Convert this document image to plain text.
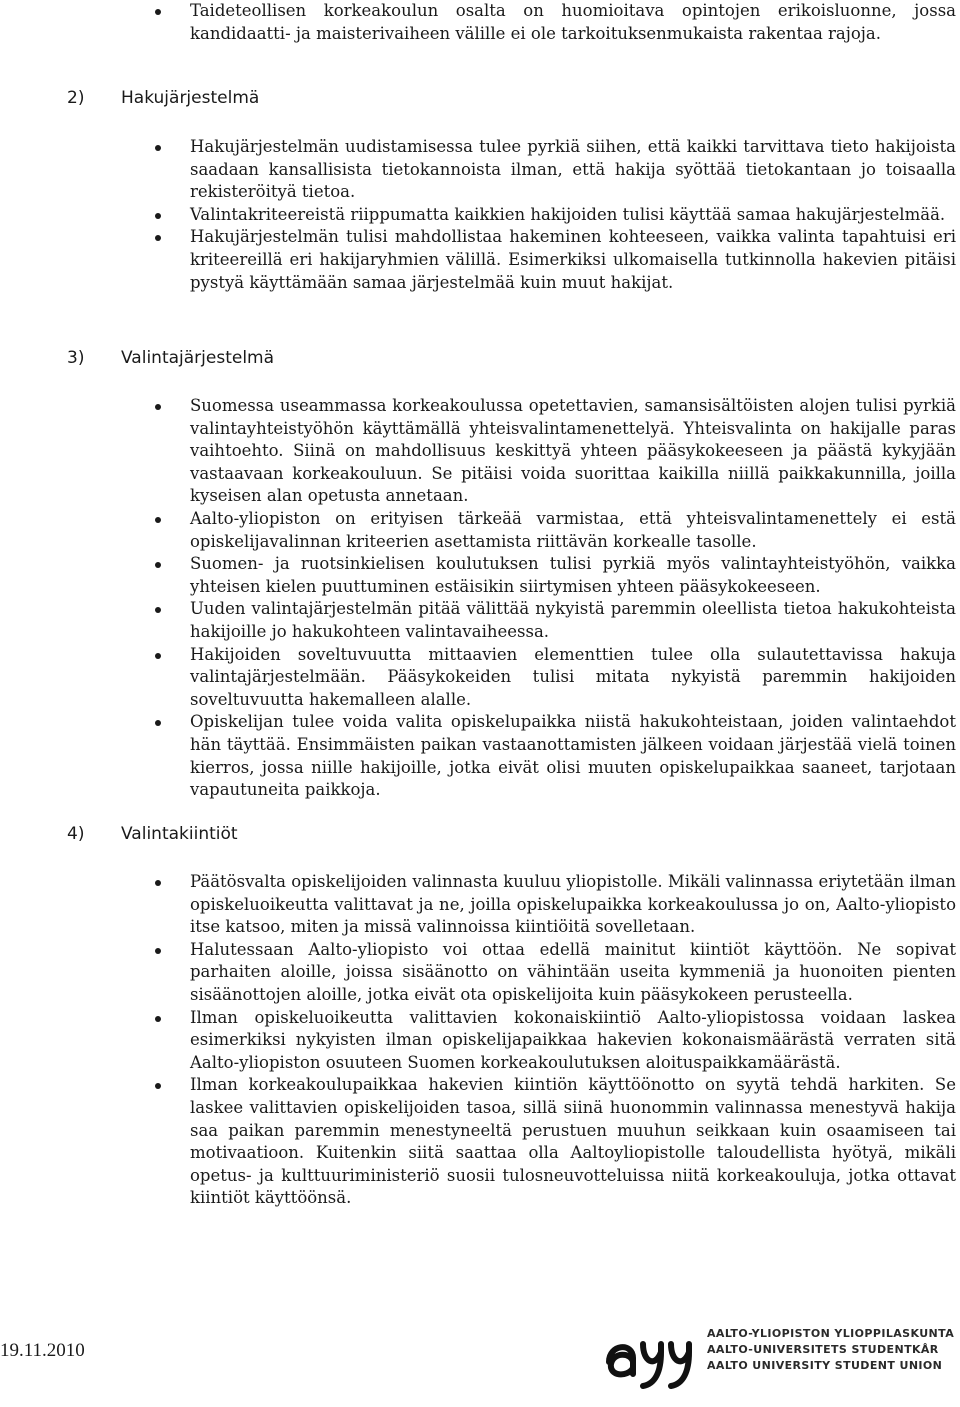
Taideteollisen korkeakoulun osalta on huomioitava opintojen erikoisluonne, jossa kandidaatti- ja maisterivaiheen välille ei ole tarkoituksenmukaista rakentaa rajoja.
2) Hakujärjestelmä
Hakujärjestelmän uudistamisessa tulee pyrkiä siihen, että kaikki tarvittava tieto hakijoista saadaan kansallisista tietokannoista ilman, että hakija syöttää tietokantaan jo toisaalla rekisteröityä tietoa.
Valintakriteereistä riippumatta kaikkien hakijoiden tulisi käyttää samaa hakujärjestelmää.
Hakujärjestelmän tulisi mahdollistaa hakeminen kohteeseen, vaikka valinta tapahtuisi eri kriteereillä eri hakijaryhmien välillä. Esimerkiksi ulkomaisella tutkinnolla hakevien pitäisi pystyä käyttämään samaa järjestelmää kuin muut hakijat.
3) Valintajärjestelmä
Suomessa useammassa korkeakoulussa opetettavien, samansisältöisten alojen tulisi pyrkiä valintayhteistyöhön käyttämällä yhteisvalintamenettelyä. Yhteisvalinta on hakijalle paras vaihtoehto. Siinä on mahdollisuus keskittyä yhteen pääsykokeeseen ja päästä kykyjään vastaavaan korkeakouluun. Se pitäisi voida suorittaa kaikilla niillä paikkakunnilla, joilla kyseisen alan opetusta annetaan.
Aalto-yliopiston on erityisen tärkeää varmistaa, että yhteisvalintamenettely ei estä opiskelijavalinnan kriteerien asettamista riittävän korkealle tasolle.
Suomen- ja ruotsinkielisen koulutuksen tulisi pyrkiä myös valintayhteistyöhön, vaikka yhteisen kielen puuttuminen estäisikin siirtymisen yhteen pääsykokeeseen.
Uuden valintajärjestelmän pitää välittää nykyistä paremmin oleellista tietoa hakukohteista hakijoille jo hakukohteen valintavaiheessa.
Hakijoiden soveltuvuutta mittaavien elementtien tulee olla sulautettavissa hakuja valintajärjestelmään. Pääsykokeiden tulisi mitata nykyistä paremmin hakijoiden soveltuvuutta hakemalleen alalle.
Opiskelijan tulee voida valita opiskelupaikka niistä hakukohteistaan, joiden valintaehdot hän täyttää. Ensimmäisten paikan vastaanottamisten jälkeen voidaan järjestää vielä toinen kierros, jossa niille hakijoille, jotka eivät olisi muuten opiskelupaikkaa saaneet, tarjotaan vapautuneita paikkoja.
4) Valintakiintiöt
Päätösvalta opiskelijoiden valinnasta kuuluu yliopistolle. Mikäli valinnassa eriytetään ilman opiskeluoikeutta valittavat ja ne, joilla opiskelupaikka korkeakoulussa jo on, Aalto-yliopisto itse katsoo, miten ja missä valinnoissa kiintiöitä sovelletaan.
Halutessaan Aalto-yliopisto voi ottaa edellä mainitut kiintiöt käyttöön. Ne sopivat parhaiten aloille, joissa sisäänotto on vähintään useita kymmeniä ja huonoiten pienten sisäänottojen aloille, jotka eivät ota opiskelijoita kuin pääsykokeen perusteella.
Ilman opiskeluoikeutta valittavien kokonaiskiintiö Aalto-yliopistossa voidaan laskea esimerkiksi nykyisten ilman opiskelijapaikkaa hakevien kokonaismäärästä verraten sitä Aalto-yliopiston osuuteen Suomen korkeakoulutuksen aloituspaikkamäärästä.
Ilman korkeakoulupaikkaa hakevien kiintiön käyttöönotto on syytä tehdä harkiten. Se laskee valittavien opiskelijoiden tasoa, sillä siinä huonommin valinnassa menestyvä hakija saa paikan paremmin menestyneeltä perustuen muuhun seikkaan kuin osaamiseen tai motivaatioon. Kuitenkin siitä saattaa olla Aaltoyliopistolle taloudellista hyötyä, mikäli opetus- ja kulttuuriministeriö suosii tulosneuvotteluissa niitä korkeakouluja, jotka ottavat kiintiöt käyttöönsä.
19.11.2010
AALTO-YLIOPISTON YLIOPPILASKUNTA
AALTO-UNIVERSITETS STUDENTKÅR
AALTO UNIVERSITY STUDENT UNION
